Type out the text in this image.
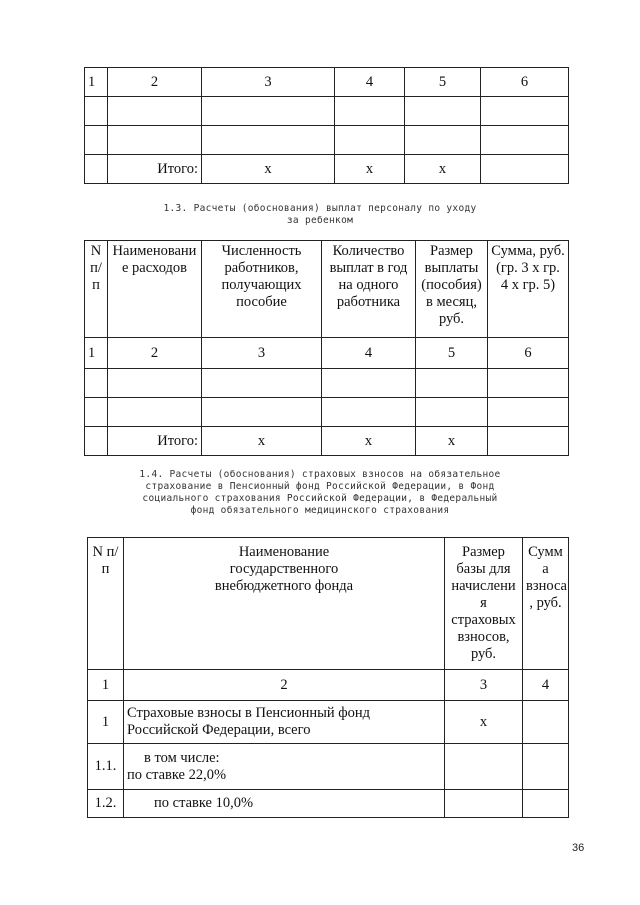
1	2	3	4	5	6

	Итого:	x	x	x	
1.3. Расчеты (обоснования) выплат персоналу по уходу
за ребенком
N п/ п	Наименовани е расходов	Численность работников, получающих пособие	Количество выплат в год на одного работника	Размер выплаты (пособия) в месяц, руб.	Сумма, руб. (гр. 3 x гр. 4 x гр. 5)
1	2	3	4	5	6

	Итого:	x	x	x	
1.4. Расчеты (обоснования) страховых взносов на обязательное
страхование в Пенсионный фонд Российской Федерации, в Фонд
социального страхования Российской Федерации, в Федеральный
фонд обязательного медицинского страхования
N п/п	Наименование государственного внебюджетного фонда	Размер базы для начислени я страховых взносов, руб.	Сумм а взноса , руб.
1	2	3	4
1	Страховые взносы в Пенсионный фонд Российской Федерации, всего	x	
1.1.	в том числе:
по ставке 22,0%		

1.2.	по ставке 10,0%		
36
